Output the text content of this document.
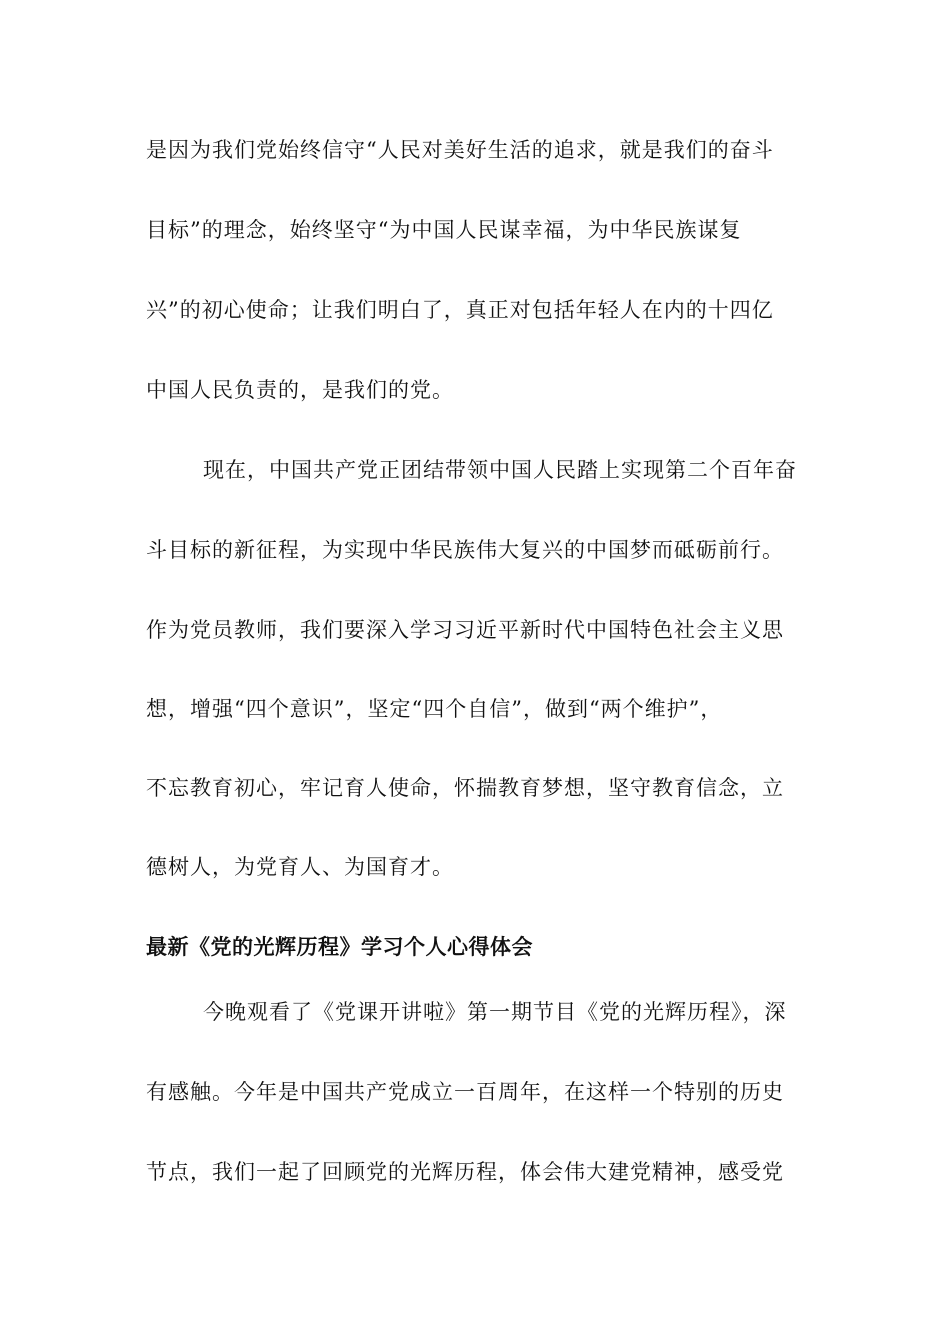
是因为我们党始终信守“人民对美好生活的追求，就是我们的奋斗
目标”的理念，始终坚守“为中国人民谋幸福，为中华民族谋复
兴”的初心使命；让我们明白了，真正对包括年轻人在内的十四亿
中国人民负责的，是我们的党。
现在，中国共产党正团结带领中国人民踏上实现第二个百年奋
斗目标的新征程，为实现中华民族伟大复兴的中国梦而砥砺前行。
作为党员教师，我们要深入学习习近平新时代中国特色社会主义思
想，增强“四个意识”，坚定“四个自信”，做到“两个维护”，
不忘教育初心，牢记育人使命，怀揣教育梦想，坚守教育信念，立
德树人，为党育人、为国育才。
最新《党的光辉历程》学习个人心得体会
今晚观看了《党课开讲啦》第一期节目《党的光辉历程》，深
有感触。今年是中国共产党成立一百周年，在这样一个特别的历史
节点，我们一起了回顾党的光辉历程，体会伟大建党精神，感受党
